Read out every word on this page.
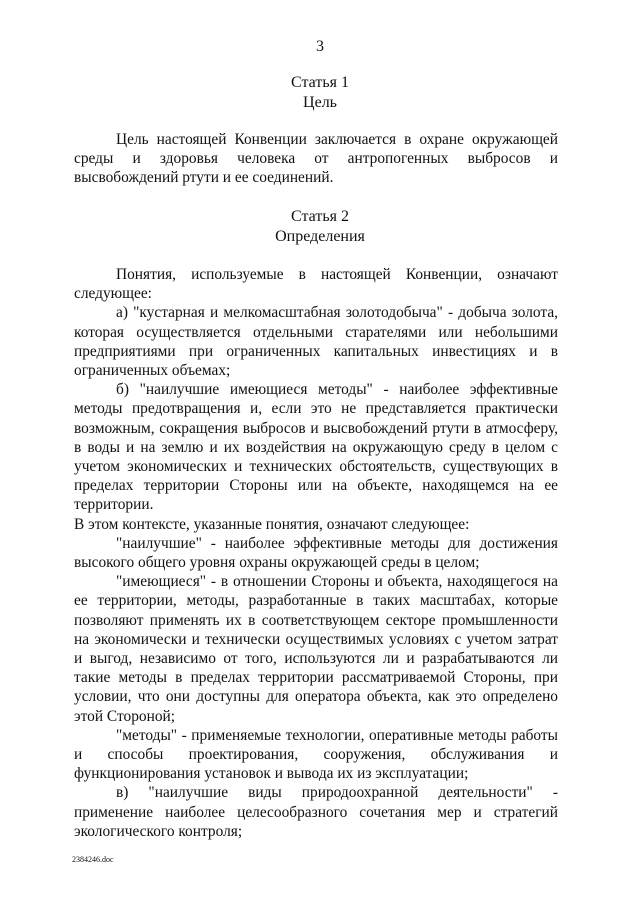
3
Статья 1
Цель

Цель настоящей Конвенции заключается в охране окружающей среды и здоровья человека от антропогенных выбросов и высвобождений ртути и ее соединений.

Статья 2
Определения

Понятия, используемые в настоящей Конвенции, означают следующее:

а) "кустарная и мелкомасштабная золотодобыча" - добыча золота, которая осуществляется отдельными старателями или небольшими предприятиями при ограниченных капитальных инвестициях и в ограниченных объемах;

б) "наилучшие имеющиеся методы" - наиболее эффективные методы предотвращения и, если это не представляется практически возможным, сокращения выбросов и высвобождений ртути в атмосферу, в воды и на землю и их воздействия на окружающую среду в целом с учетом экономических и технических обстоятельств, существующих в пределах территории Стороны или на объекте, находящемся на ее территории.

В этом контексте, указанные понятия, означают следующее:

"наилучшие" - наиболее эффективные методы для достижения высокого общего уровня охраны окружающей среды в целом;

"имеющиеся" - в отношении Стороны и объекта, находящегося на ее территории, методы, разработанные в таких масштабах, которые позволяют применять их в соответствующем секторе промышленности на экономически и технически осуществимых условиях с учетом затрат и выгод, независимо от того, используются ли и разрабатываются ли такие методы в пределах территории рассматриваемой Стороны, при условии, что они доступны для оператора объекта, как это определено этой Стороной;

"методы" - применяемые технологии, оперативные методы работы и способы проектирования, сооружения, обслуживания и функционирования установок и вывода их из эксплуатации;

в) "наилучшие виды природоохранной деятельности" - применение наиболее целесообразного сочетания мер и стратегий экологического контроля;

2384246.doc
